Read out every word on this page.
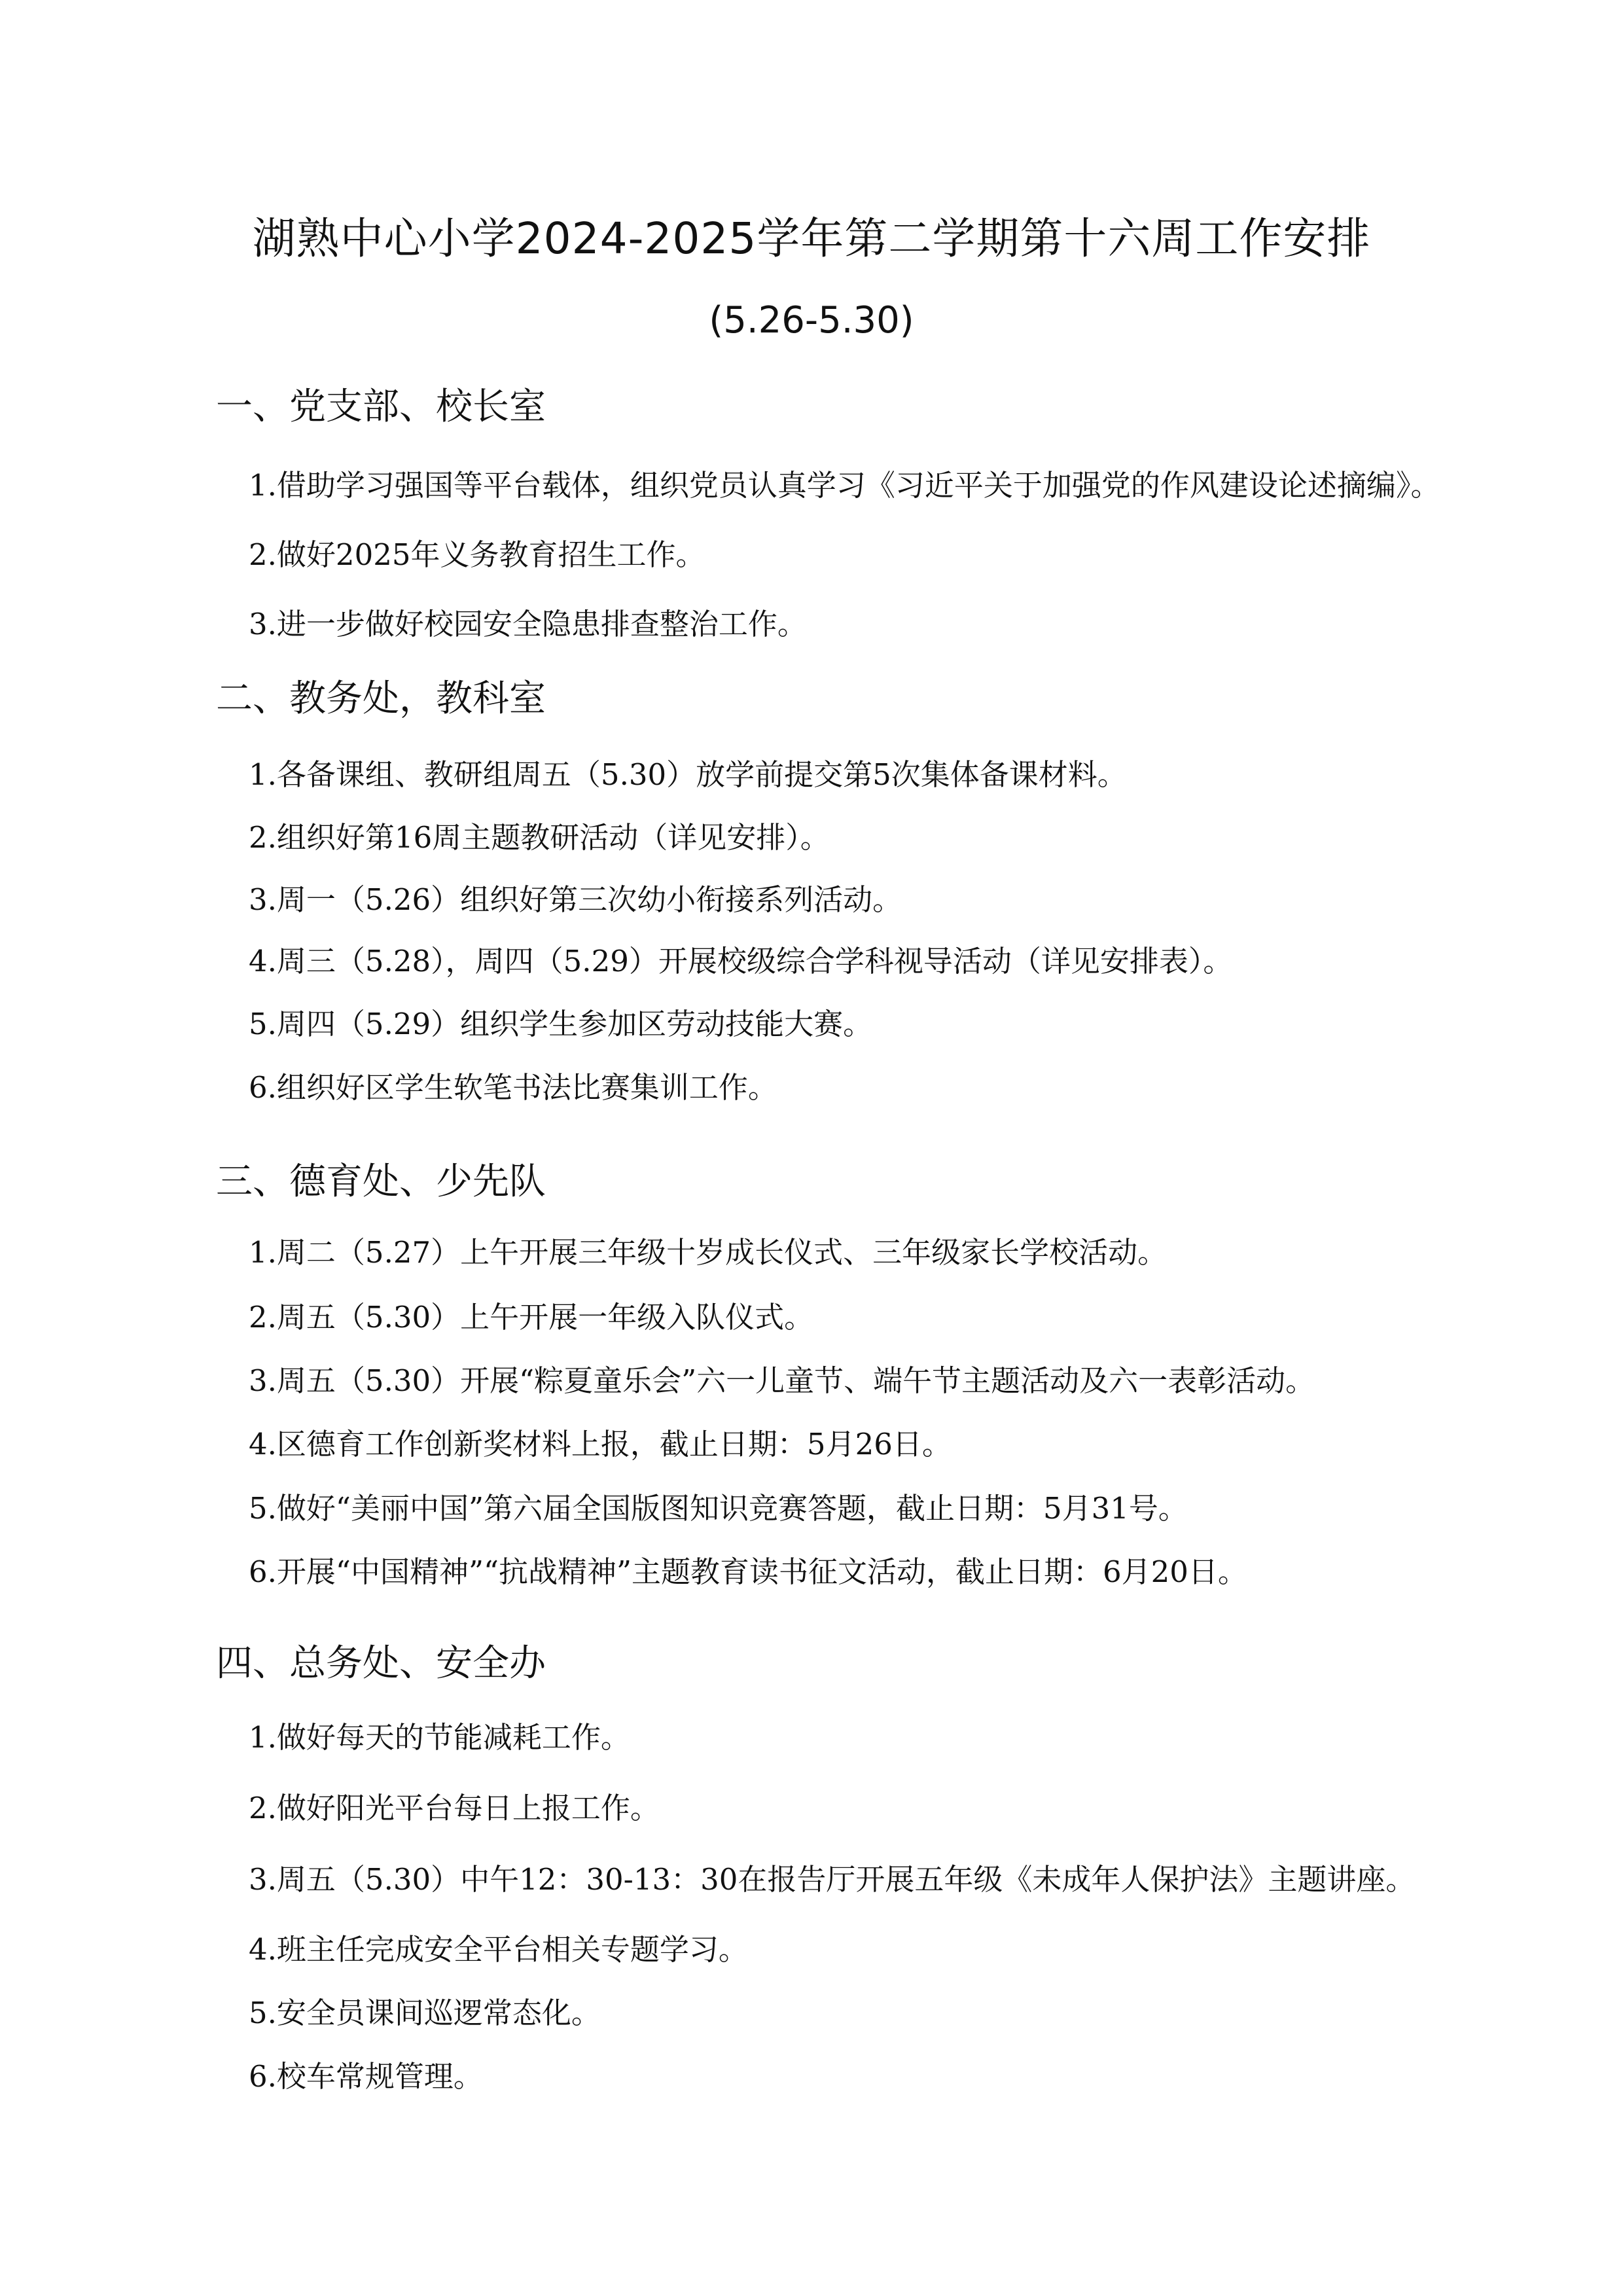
湖熟中心小学2024-2025学年第二学期第十六周工作安排
(5.26-5.30)
一、党支部、校长室
1.借助学习强国等平台载体，组织党员认真学习《习近平关于加强党的作风建设论述摘编》。
2.做好2025年义务教育招生工作。
3.进一步做好校园安全隐患排查整治工作。
二、教务处，教科室
1.各备课组、教研组周五（5.30）放学前提交第5次集体备课材料。
2.组织好第16周主题教研活动（详见安排）。
3.周一（5.26）组织好第三次幼小衔接系列活动。
4.周三（5.28），周四（5.29）开展校级综合学科视导活动（详见安排表）。
5.周四（5.29）组织学生参加区劳动技能大赛。
6.组织好区学生软笔书法比赛集训工作。
三、德育处、少先队
1.周二（5.27）上午开展三年级十岁成长仪式、三年级家长学校活动。
2.周五（5.30）上午开展一年级入队仪式。
3.周五（5.30）开展“粽夏童乐会”六一儿童节、端午节主题活动及六一表彰活动。
4.区德育工作创新奖材料上报，截止日期：5月26日。
5.做好“美丽中国”第六届全国版图知识竞赛答题，截止日期：5月31号。
6.开展“中国精神”“抗战精神”主题教育读书征文活动，截止日期：6月20日。
四、总务处、安全办
1.做好每天的节能减耗工作。
2.做好阳光平台每日上报工作。
3.周五（5.30）中午12：30-13：30在报告厅开展五年级《未成年人保护法》主题讲座。
4.班主任完成安全平台相关专题学习。
5.安全员课间巡逻常态化。
6.校车常规管理。
